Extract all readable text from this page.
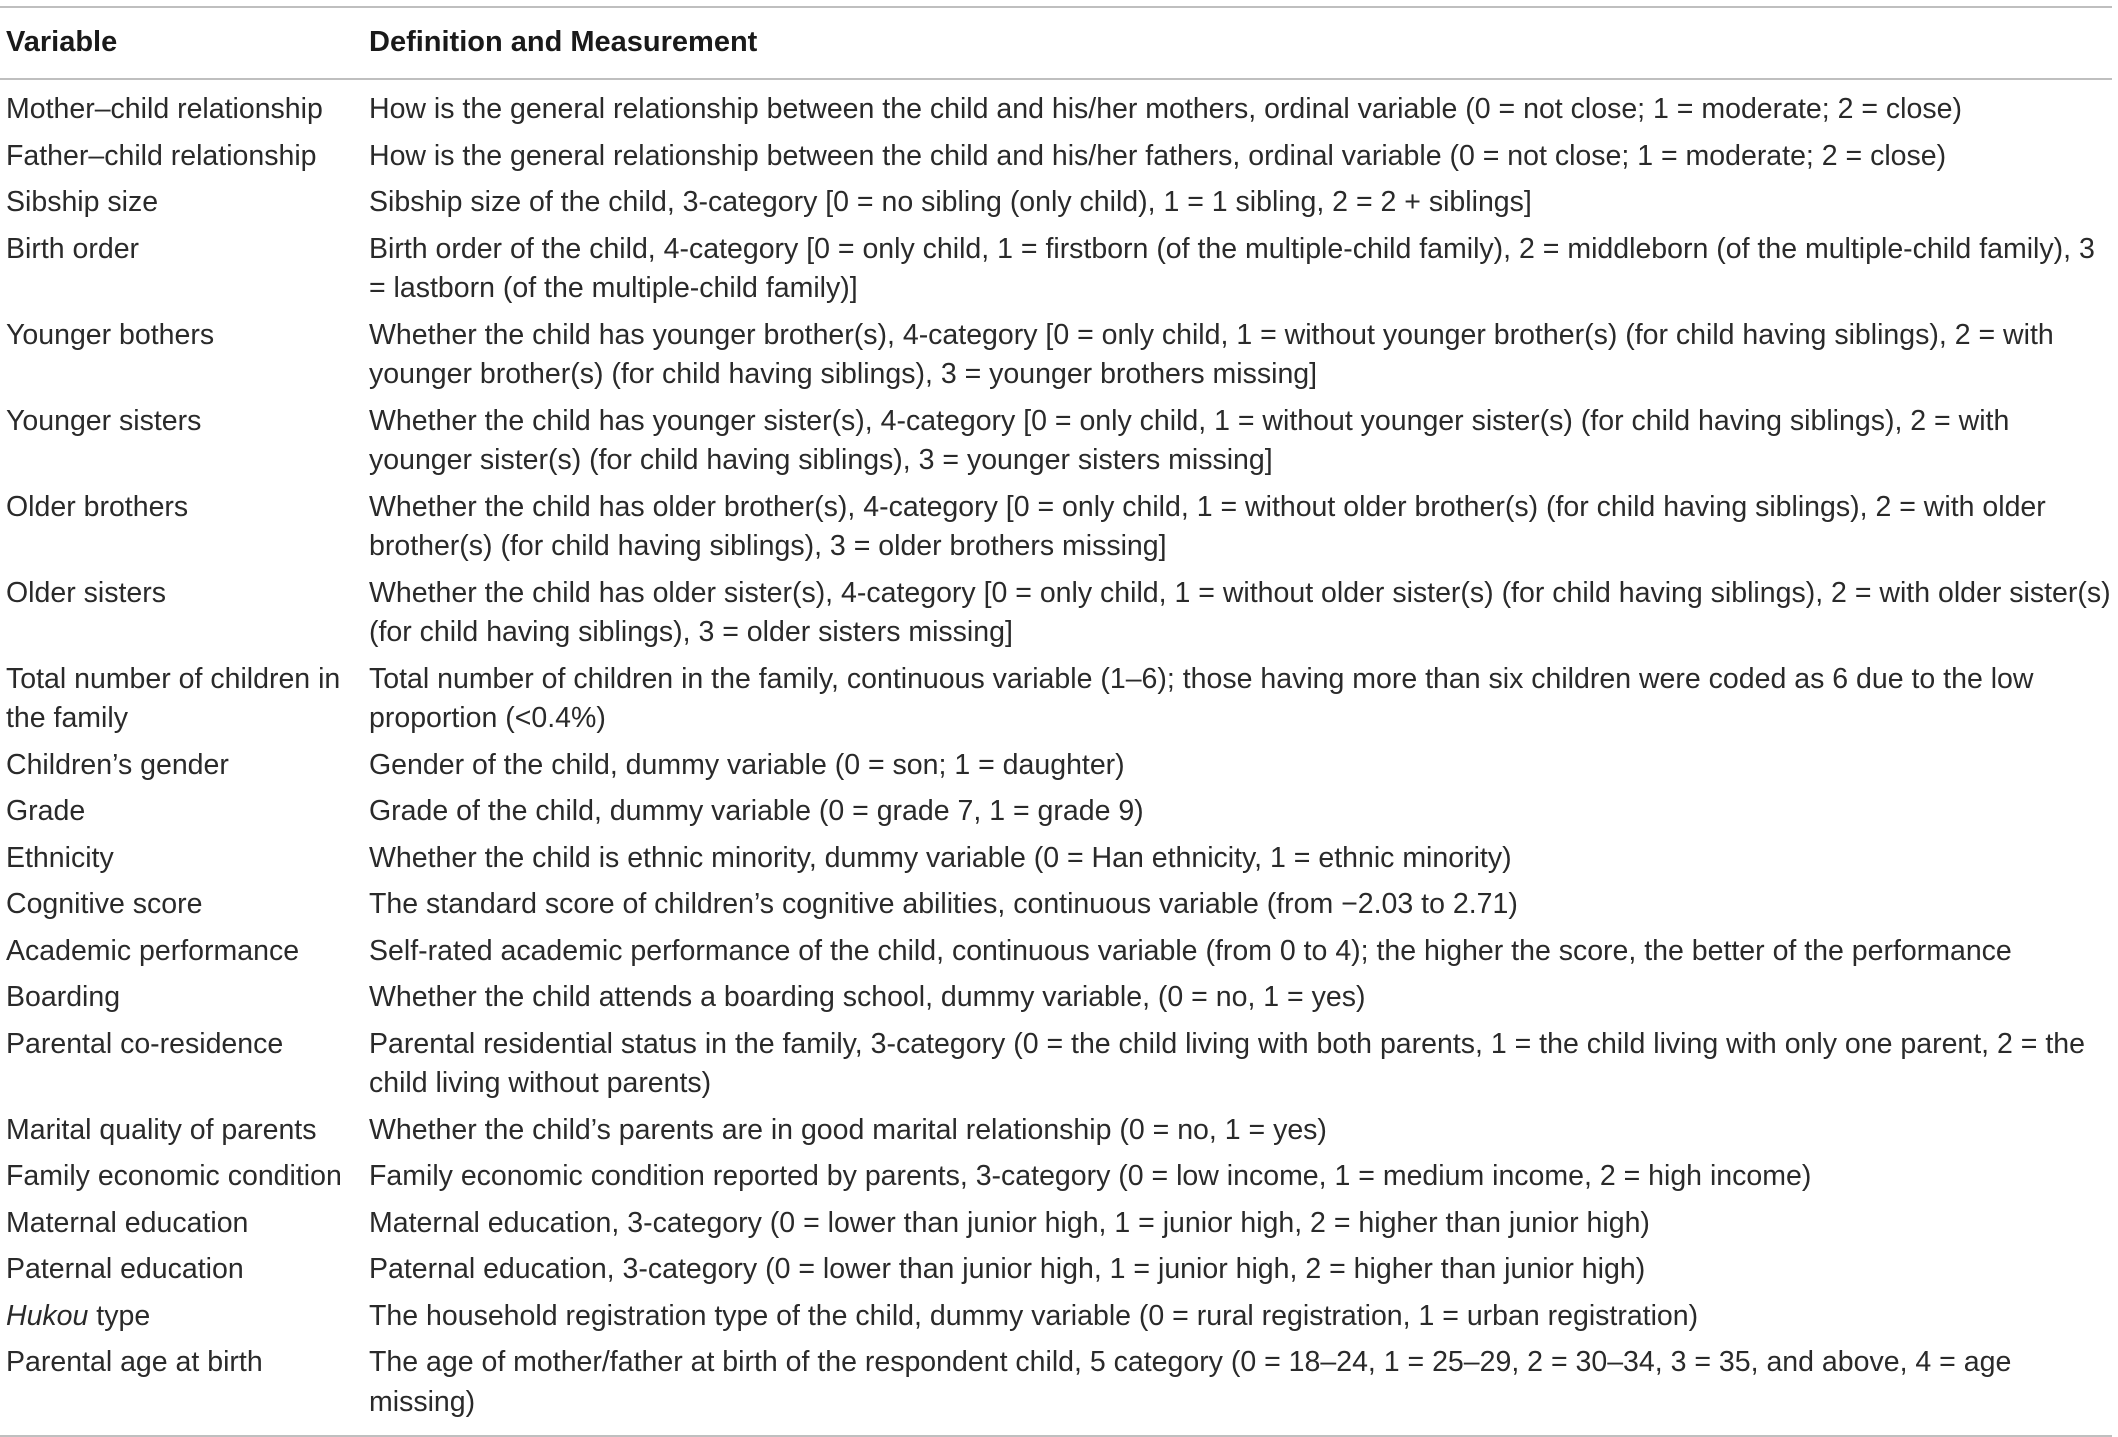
Variable	Definition and Measurement
Mother–child relationship	How is the general relationship between the child and his/her mothers, ordinal variable (0 = not close; 1 = moderate; 2 = close)
Father–child relationship	How is the general relationship between the child and his/her fathers, ordinal variable (0 = not close; 1 = moderate; 2 = close)
Sibship size	Sibship size of the child, 3-category [0 = no sibling (only child), 1 = 1 sibling, 2 = 2 + siblings]
Birth order	Birth order of the child, 4-category [0 = only child, 1 = firstborn (of the multiple-child family), 2 = middleborn (of the multiple-child family), 3 = lastborn (of the multiple-child family)]
Younger bothers	Whether the child has younger brother(s), 4-category [0 = only child, 1 = without younger brother(s) (for child having siblings), 2 = with younger brother(s) (for child having siblings), 3 = younger brothers missing]
Younger sisters	Whether the child has younger sister(s), 4-category [0 = only child, 1 = without younger sister(s) (for child having siblings), 2 = with younger sister(s) (for child having siblings), 3 = younger sisters missing]
Older brothers	Whether the child has older brother(s), 4-category [0 = only child, 1 = without older brother(s) (for child having siblings), 2 = with older brother(s) (for child having siblings), 3 = older brothers missing]
Older sisters	Whether the child has older sister(s), 4-category [0 = only child, 1 = without older sister(s) (for child having siblings), 2 = with older sister(s) (for child having siblings), 3 = older sisters missing]
Total number of children in the family	Total number of children in the family, continuous variable (1–6); those having more than six children were coded as 6 due to the low proportion (<0.4%)
Children’s gender	Gender of the child, dummy variable (0 = son; 1 = daughter)
Grade	Grade of the child, dummy variable (0 = grade 7, 1 = grade 9)
Ethnicity	Whether the child is ethnic minority, dummy variable (0 = Han ethnicity, 1 = ethnic minority)
Cognitive score	The standard score of children’s cognitive abilities, continuous variable (from −2.03 to 2.71)
Academic performance	Self-rated academic performance of the child, continuous variable (from 0 to 4); the higher the score, the better of the performance
Boarding	Whether the child attends a boarding school, dummy variable, (0 = no, 1 = yes)
Parental co-residence	Parental residential status in the family, 3-category (0 = the child living with both parents, 1 = the child living with only one parent, 2 = the child living without parents)
Marital quality of parents	Whether the child’s parents are in good marital relationship (0 = no, 1 = yes)
Family economic condition	Family economic condition reported by parents, 3-category (0 = low income, 1 = medium income, 2 = high income)
Maternal education	Maternal education, 3-category (0 = lower than junior high, 1 = junior high, 2 = higher than junior high)
Paternal education	Paternal education, 3-category (0 = lower than junior high, 1 = junior high, 2 = higher than junior high)
Hukou type	The household registration type of the child, dummy variable (0 = rural registration, 1 = urban registration)
Parental age at birth	The age of mother/father at birth of the respondent child, 5 category (0 = 18–24, 1 = 25–29, 2 = 30–34, 3 = 35, and above, 4 = age missing)
